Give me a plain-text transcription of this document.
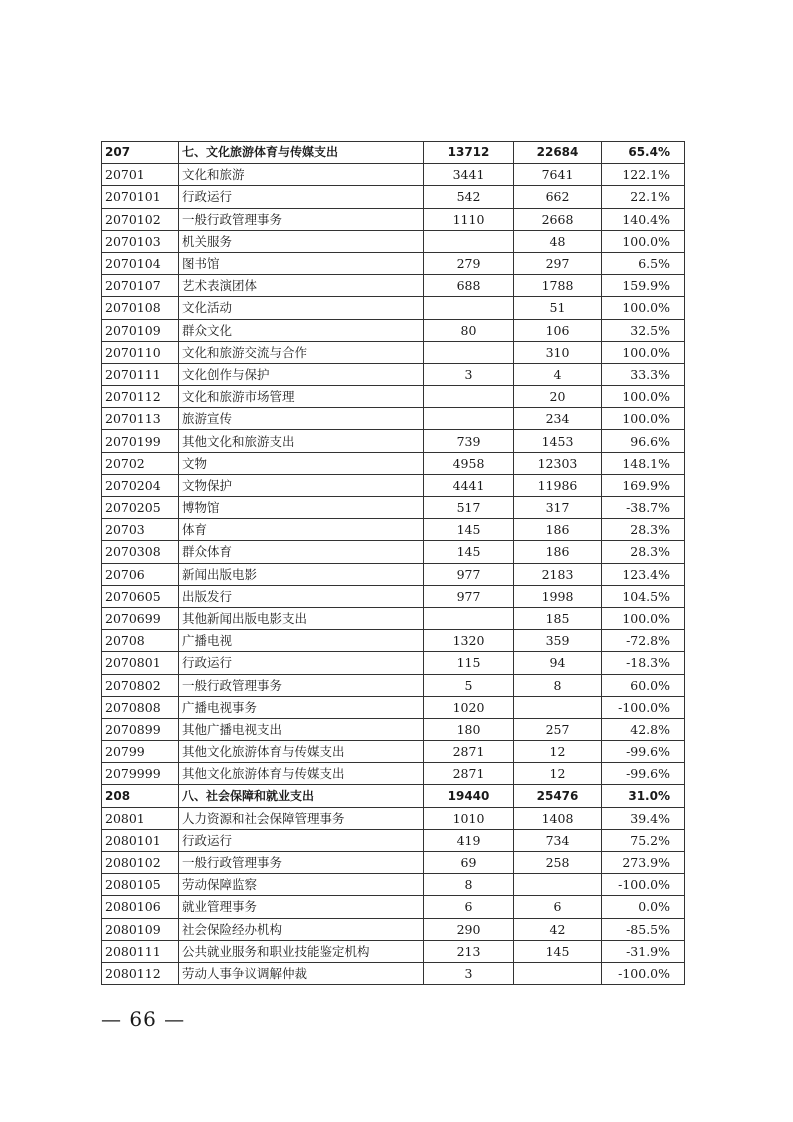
207	七、文化旅游体育与传媒支出	13712	22684	65.4%
20701	文化和旅游	3441	7641	122.1%
2070101	行政运行	542	662	22.1%
2070102	一般行政管理事务	1110	2668	140.4%
2070103	机关服务		48	100.0%
2070104	图书馆	279	297	6.5%
2070107	艺术表演团体	688	1788	159.9%
2070108	文化活动		51	100.0%
2070109	群众文化	80	106	32.5%
2070110	文化和旅游交流与合作		310	100.0%
2070111	文化创作与保护	3	4	33.3%
2070112	文化和旅游市场管理		20	100.0%
2070113	旅游宣传		234	100.0%
2070199	其他文化和旅游支出	739	1453	96.6%
20702	文物	4958	12303	148.1%
2070204	文物保护	4441	11986	169.9%
2070205	博物馆	517	317	-38.7%
20703	体育	145	186	28.3%
2070308	群众体育	145	186	28.3%
20706	新闻出版电影	977	2183	123.4%
2070605	出版发行	977	1998	104.5%
2070699	其他新闻出版电影支出		185	100.0%
20708	广播电视	1320	359	-72.8%
2070801	行政运行	115	94	-18.3%
2070802	一般行政管理事务	5	8	60.0%
2070808	广播电视事务	1020		-100.0%
2070899	其他广播电视支出	180	257	42.8%
20799	其他文化旅游体育与传媒支出	2871	12	-99.6%
2079999	其他文化旅游体育与传媒支出	2871	12	-99.6%
208	八、社会保障和就业支出	19440	25476	31.0%
20801	人力资源和社会保障管理事务	1010	1408	39.4%
2080101	行政运行	419	734	75.2%
2080102	一般行政管理事务	69	258	273.9%
2080105	劳动保障监察	8		-100.0%
2080106	就业管理事务	6	6	0.0%
2080109	社会保险经办机构	290	42	-85.5%
2080111	公共就业服务和职业技能鉴定机构	213	145	-31.9%
2080112	劳动人事争议调解仲裁	3		-100.0%
— 66 —
